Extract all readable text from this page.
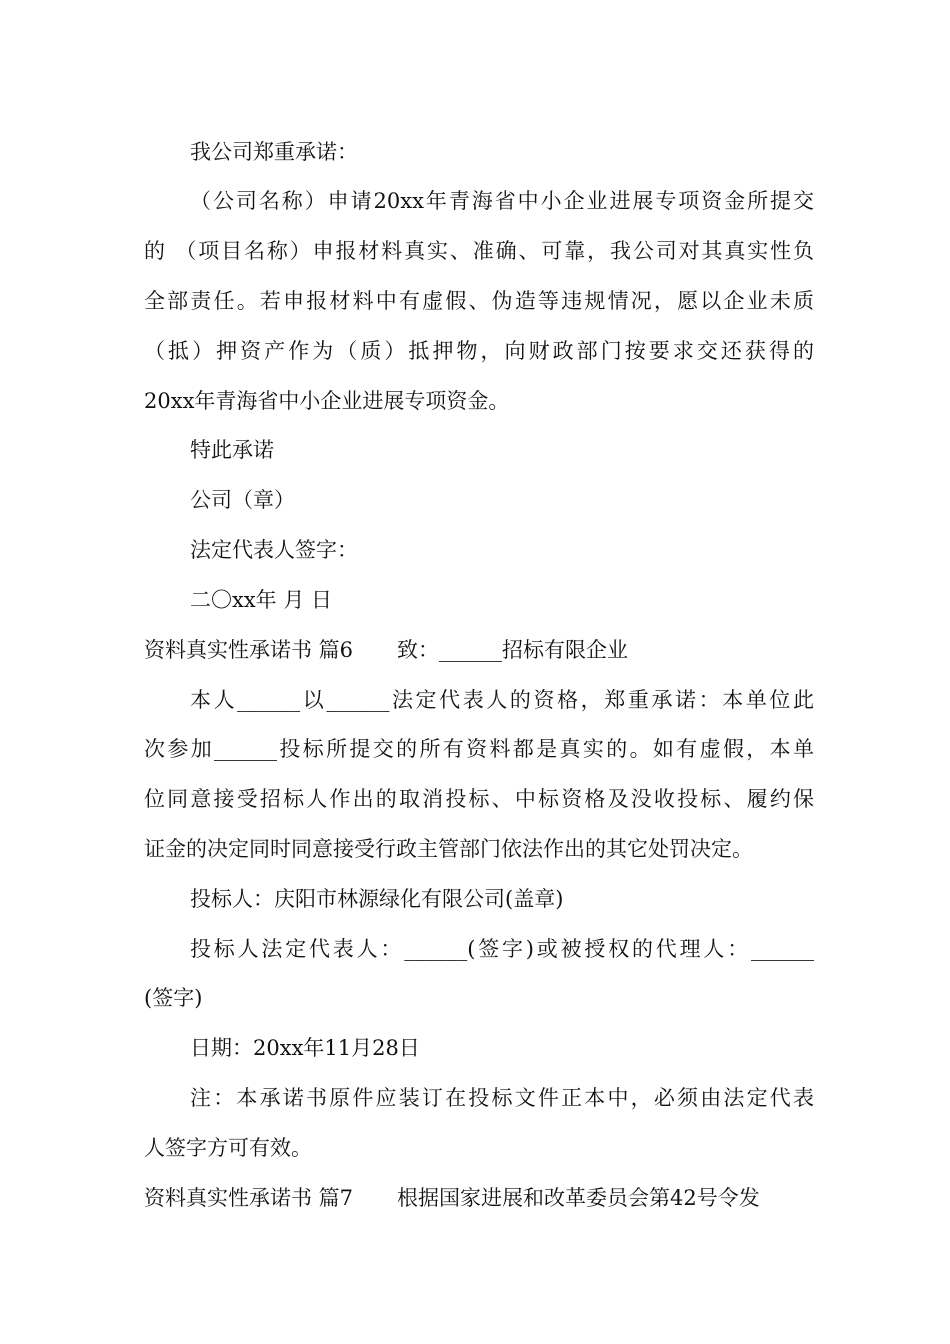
我公司郑重承诺：
（公司名称）申请20xx年青海省中小企业进展专项资金所提交
的 （项目名称）申报材料真实、准确、可靠，我公司对其真实性负
全部责任。若申报材料中有虚假、伪造等违规情况，愿以企业未质
（抵）押资产作为（质）抵押物，向财政部门按要求交还获得的
20xx年青海省中小企业进展专项资金。
特此承诺
公司（章）
法定代表人签字：
二〇xx年 月 日
资料真实性承诺书 篇6 致：______招标有限企业
本人______以______法定代表人的资格，郑重承诺：本单位此
次参加______投标所提交的所有资料都是真实的。如有虚假，本单
位同意接受招标人作出的取消投标、中标资格及没收投标、履约保
证金的决定同时同意接受行政主管部门依法作出的其它处罚决定。
投标人：庆阳市林源绿化有限公司(盖章)
投标人法定代表人：______(签字)或被授权的代理人：______
(签字)
日期：20xx年11月28日
注：本承诺书原件应装订在投标文件正本中，必须由法定代表
人签字方可有效。
资料真实性承诺书 篇7 根据国家进展和改革委员会第42号令发
